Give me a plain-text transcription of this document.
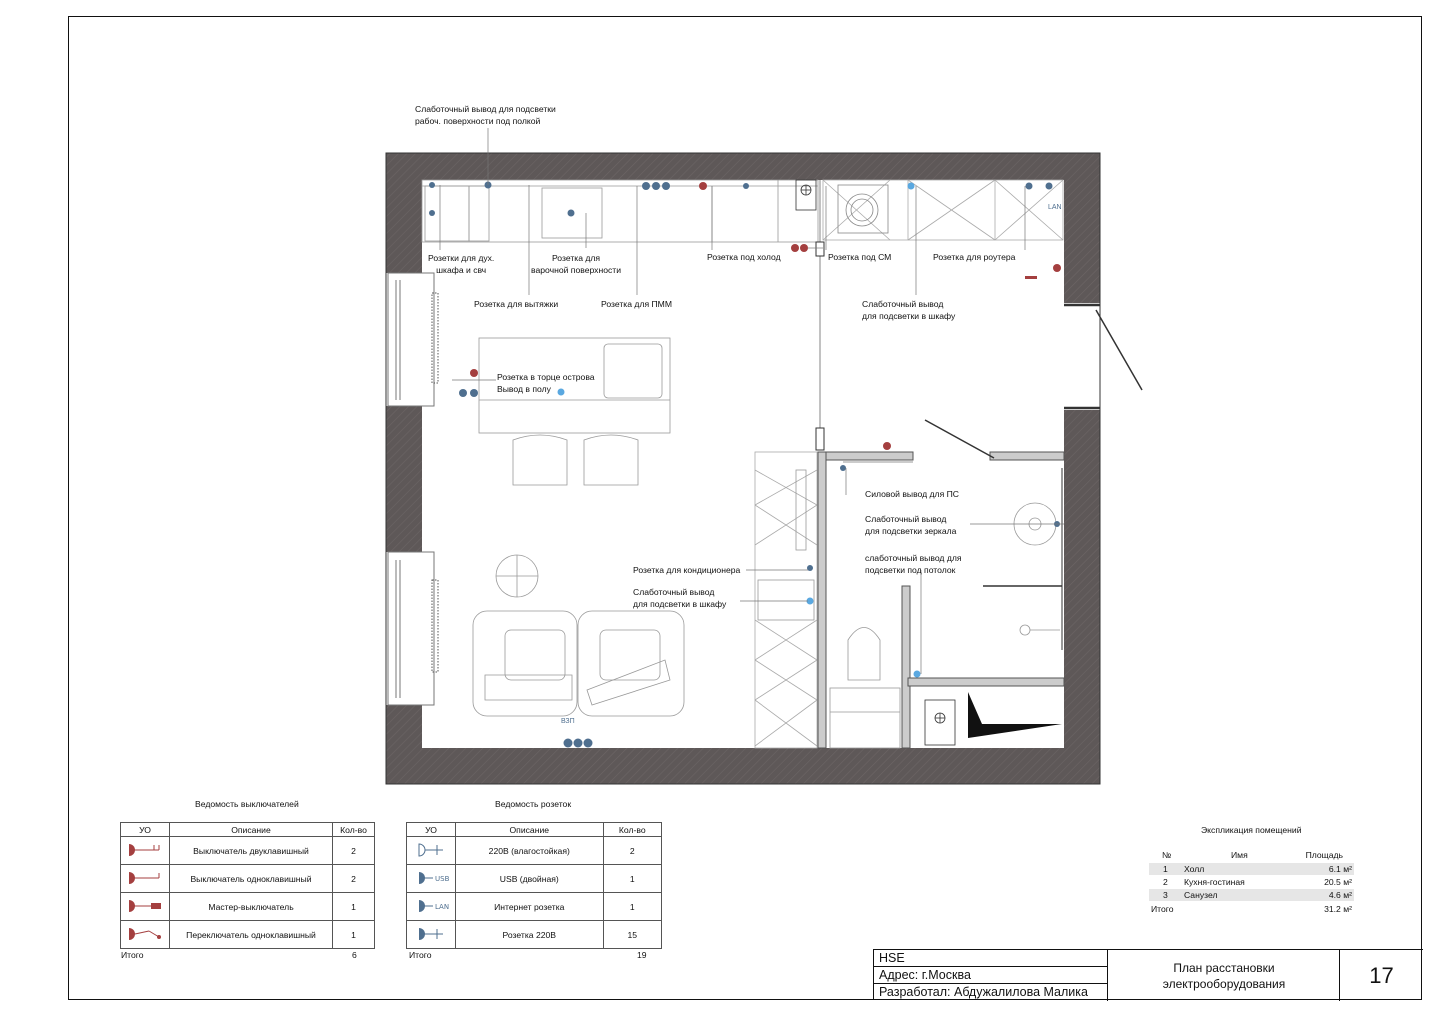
Слаботочный вывод для подсветки
рабоч. поверхности под полкой
Розетки для дух.
шкафа и свч
Розетка для
варочной поверхности
Розетка для вытяжки	Розетка для ПММ
Розетка под холод	Розетка под СМ	Розетка для роутера
Слаботочный вывод
для подсветки в шкафу
Розетка в торце острова
Вывод в полу
Силовой вывод для ПС
Слаботочный вывод
для подсветки зеркала
слаботочный вывод для
подсветки под потолок
Розетка для кондиционера
Слаботочный вывод
для подсветки в шкафу
LAN
ВЗП
Ведомость выключателей
УО	Описание	Кол-во
	Выключатель двуклавишный	2
	Выключатель одноклавишный	2
	Мастер-выключатель	1
	Переключатель одноклавишный	1
Итого	6
Ведомость розеток
УО	Описание	Кол-во
	220В (влагостойкая)	2

USB	USB (двойная)	1

LAN	Интернет розетка	1
	Розетка 220В	15
Итого	19
Экспликация помещений
№	Имя	Площадь
1 Холл	6.1 м²
2 Кухня-гостиная	20.5 м²
3 Санузел	4.6 м²
Итого	31.2 м²
HSE
Адрес: г.Москва
Разработал: Абдужалилова Малика
План расстановки
электрооборудования	17
